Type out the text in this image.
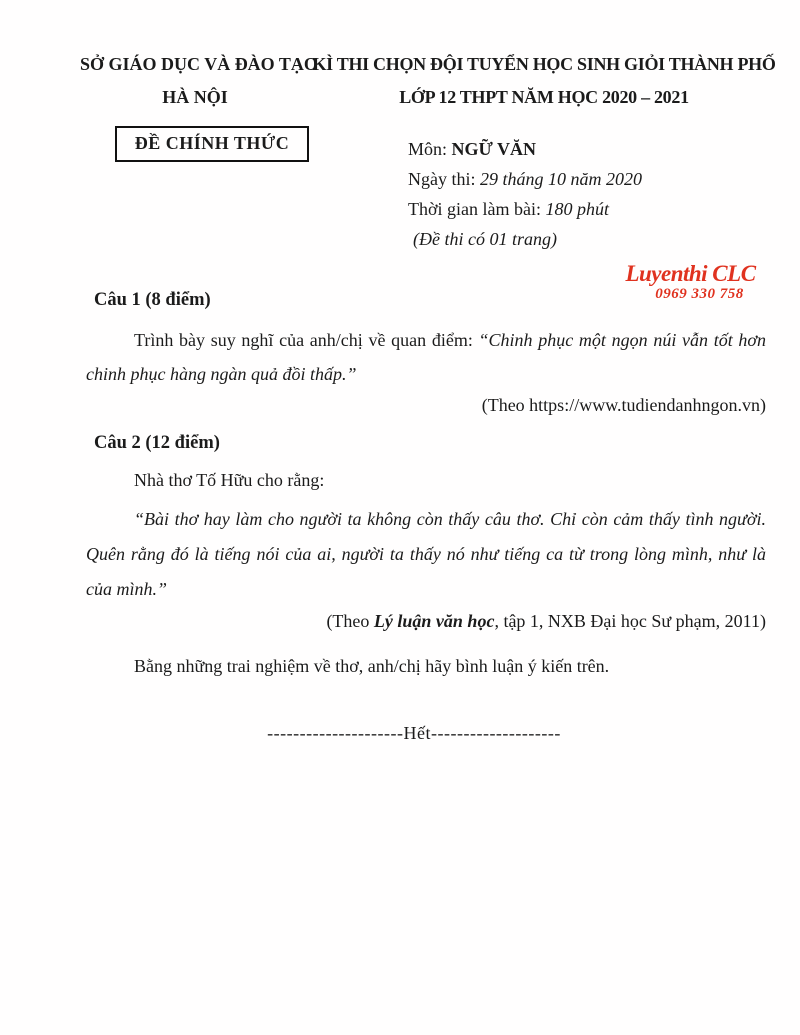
SỞ GIÁO DỤC VÀ ĐÀO TẠO
HÀ NỘI
KÌ THI CHỌN ĐỘI TUYỂN HỌC SINH GIỎI THÀNH PHỐ
LỚP 12 THPT NĂM HỌC 2020 – 2021
ĐỀ CHÍNH THỨC	Môn: NGỮ VĂN
Ngày thi: 29 tháng 10 năm 2020
Thời gian làm bài: 180 phút
(Đề thi có 01 trang)
Luyenthi CLC
0969 330 758
Câu 1 (8 điểm)

Trình bày suy nghĩ của anh/chị về quan điểm: “Chinh phục một ngọn núi vẫn tốt hơn chinh phục hàng ngàn quả đồi thấp.”

(Theo https://www.tudiendanhngon.vn)
Câu 2 (12 điểm)

Nhà thơ Tố Hữu cho rằng:

“Bài thơ hay làm cho người ta không còn thấy câu thơ. Chỉ còn cảm thấy tình người. Quên rằng đó là tiếng nói của ai, người ta thấy nó như tiếng ca từ trong lòng mình, như là của mình.”

(Theo Lý luận văn học, tập 1, NXB Đại học Sư phạm, 2011)

Bằng những trai nghiệm về thơ, anh/chị hãy bình luận ý kiến trên.

---------------------Hết--------------------
